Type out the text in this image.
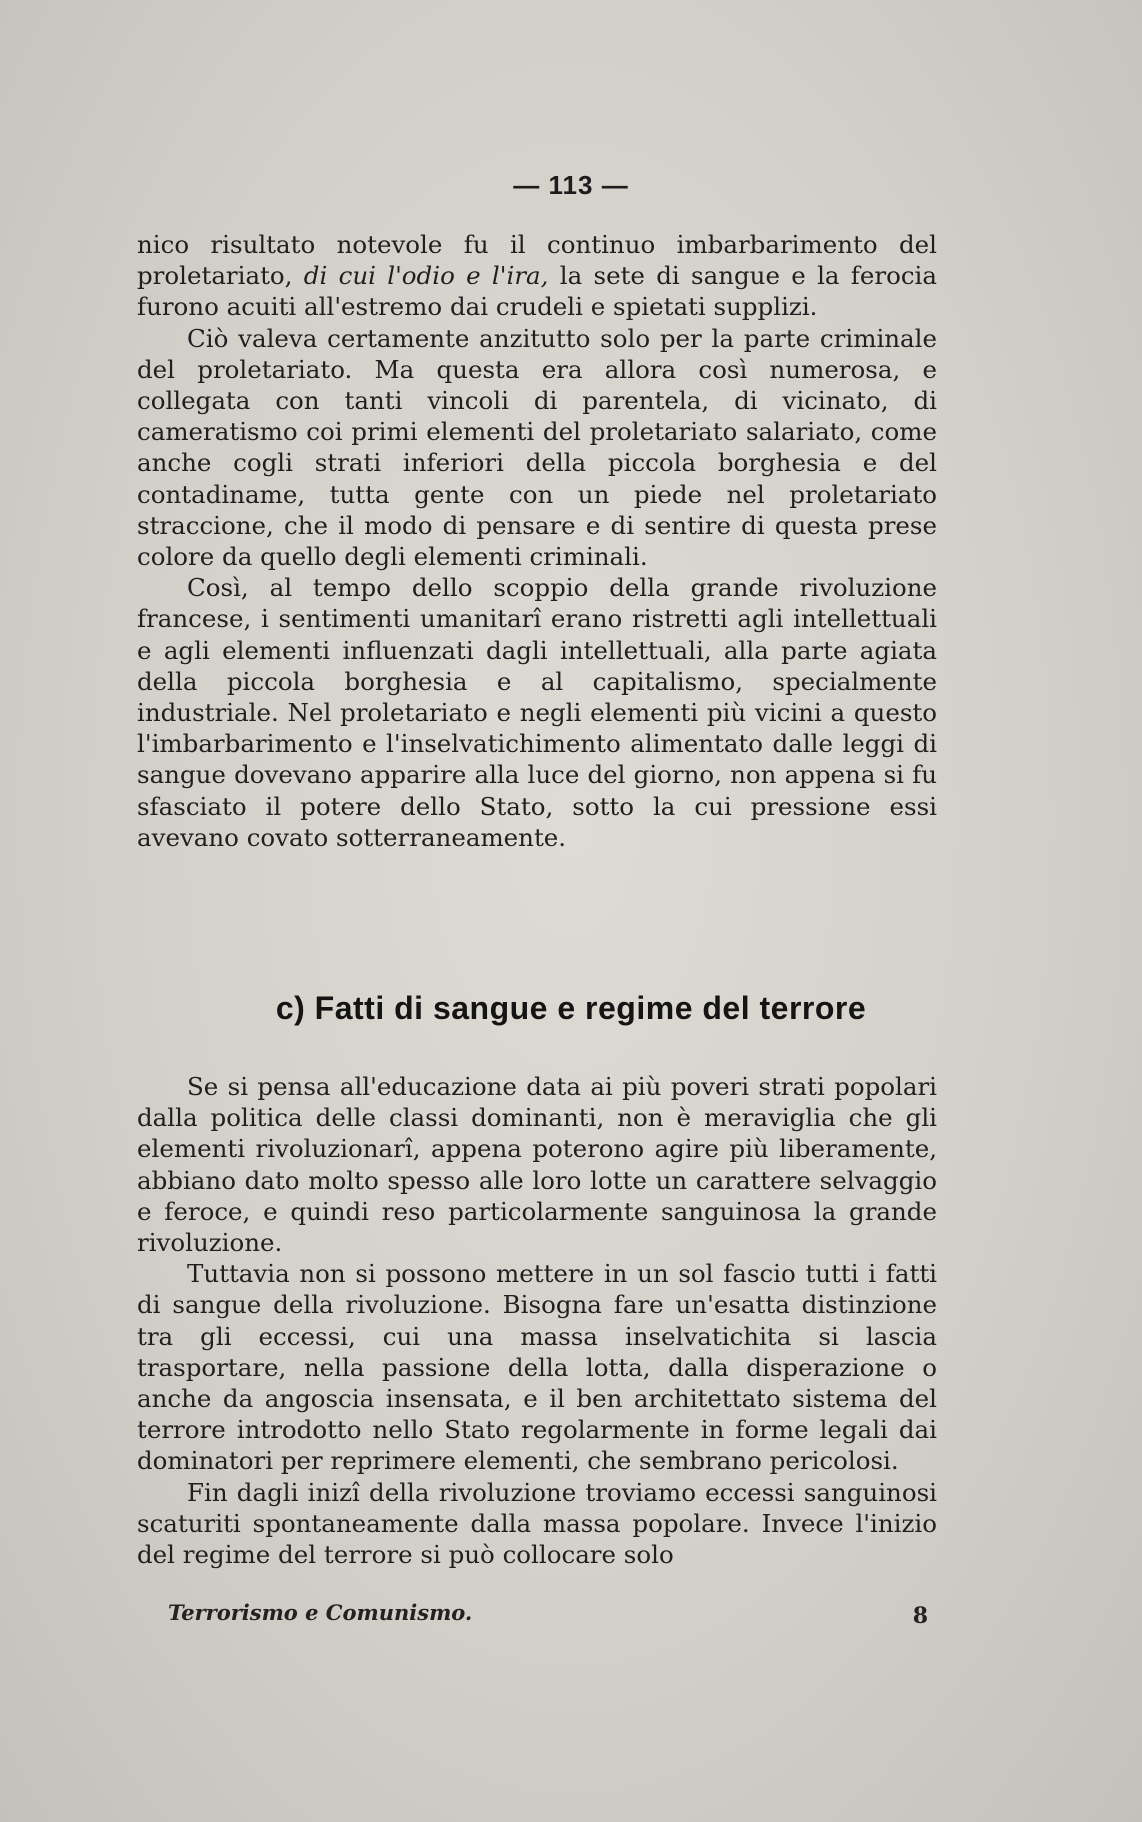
— 113 —

nico risultato notevole fu il continuo imbarbarimento del proletariato, di cui l'odio e l'ira, la sete di sangue e la ferocia furono acuiti all'estremo dai crudeli e spietati supplizi.

Ciò valeva certamente anzitutto solo per la parte criminale del proletariato. Ma questa era allora così numerosa, e collegata con tanti vincoli di parentela, di vicinato, di cameratismo coi primi elementi del proletariato salariato, come anche cogli strati inferiori della piccola borghesia e del contadiname, tutta gente con un piede nel proletariato straccione, che il modo di pensare e di sentire di questa prese colore da quello degli elementi criminali.

Così, al tempo dello scoppio della grande rivoluzione francese, i sentimenti umanitarî erano ristretti agli intellettuali e agli elementi influenzati dagli intellettuali, alla parte agiata della piccola borghesia e al capitalismo, specialmente industriale. Nel proletariato e negli elementi più vicini a questo l'imbarbarimento e l'inselvatichimento alimentato dalle leggi di sangue dovevano apparire alla luce del giorno, non appena si fu sfasciato il potere dello Stato, sotto la cui pressione essi avevano covato sotterraneamente.

c) Fatti di sangue e regime del terrore

Se si pensa all'educazione data ai più poveri strati popolari dalla politica delle classi dominanti, non è meraviglia che gli elementi rivoluzionarî, appena poterono agire più liberamente, abbiano dato molto spesso alle loro lotte un carattere selvaggio e feroce, e quindi reso particolarmente sanguinosa la grande rivoluzione.

Tuttavia non si possono mettere in un sol fascio tutti i fatti di sangue della rivoluzione. Bisogna fare un'esatta distinzione tra gli eccessi, cui una massa inselvatichita si lascia trasportare, nella passione della lotta, dalla disperazione o anche da angoscia insensata, e il ben architettato sistema del terrore introdotto nello Stato regolarmente in forme legali dai dominatori per reprimere elementi, che sembrano pericolosi.

Fin dagli inizî della rivoluzione troviamo eccessi sanguinosi scaturiti spontaneamente dalla massa popolare. Invece l'inizio del regime del terrore si può collocare solo

Terrorismo e Comunismo.	8
